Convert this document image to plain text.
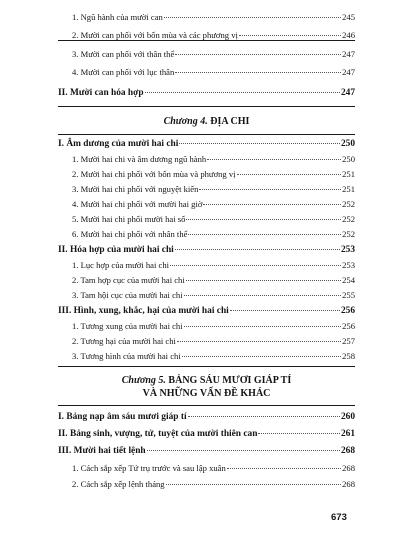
1. Ngũ hành của mười can	245
2. Mười can phối với bốn mùa và các phương vị	246
3. Mười can phối với thân thể	247
4. Mười can phối với lục thân	247
II. Mười can hóa hợp	247
Chương 4. ĐỊA CHI
I. Âm dương của mười hai chi	250
1. Mười hai chi và âm dương ngũ hành	250
2. Mười hai chi phối với bốn mùa và phương vị	251
3. Mười hai chi phối với nguyệt kiến	251
4. Mười hai chi phối với mười hai giờ	252
5. Mười hai chi phối mười hai số	252
6. Mười hai chi phối với nhân thể	252
II. Hóa hợp của mười hai chi	253
1. Lục hợp của mười hai chi	253
2. Tam hợp cục của mười hai chi	254
3. Tam hội cục của mười hai chi	255
III. Hình, xung, khắc, hại của mười hai chi	256
1. Tương xung của mười hai chi	256
2. Tương hại của mười hai chi	257
3. Tương hình của mười hai chi	258
Chương 5. BẢNG SÁU MƯƠI GIÁP TÍ
VÀ NHỮNG VẤN ĐỀ KHÁC
I. Bảng nạp âm sáu mươi giáp tí	260
II. Bảng sinh, vượng, tử, tuyệt của mười thiên can	261
III. Mười hai tiết lệnh	268
1. Cách sắp xếp Tứ trụ trước và sau lập xuân	268
2. Cách sắp xếp lệnh tháng	268
673
